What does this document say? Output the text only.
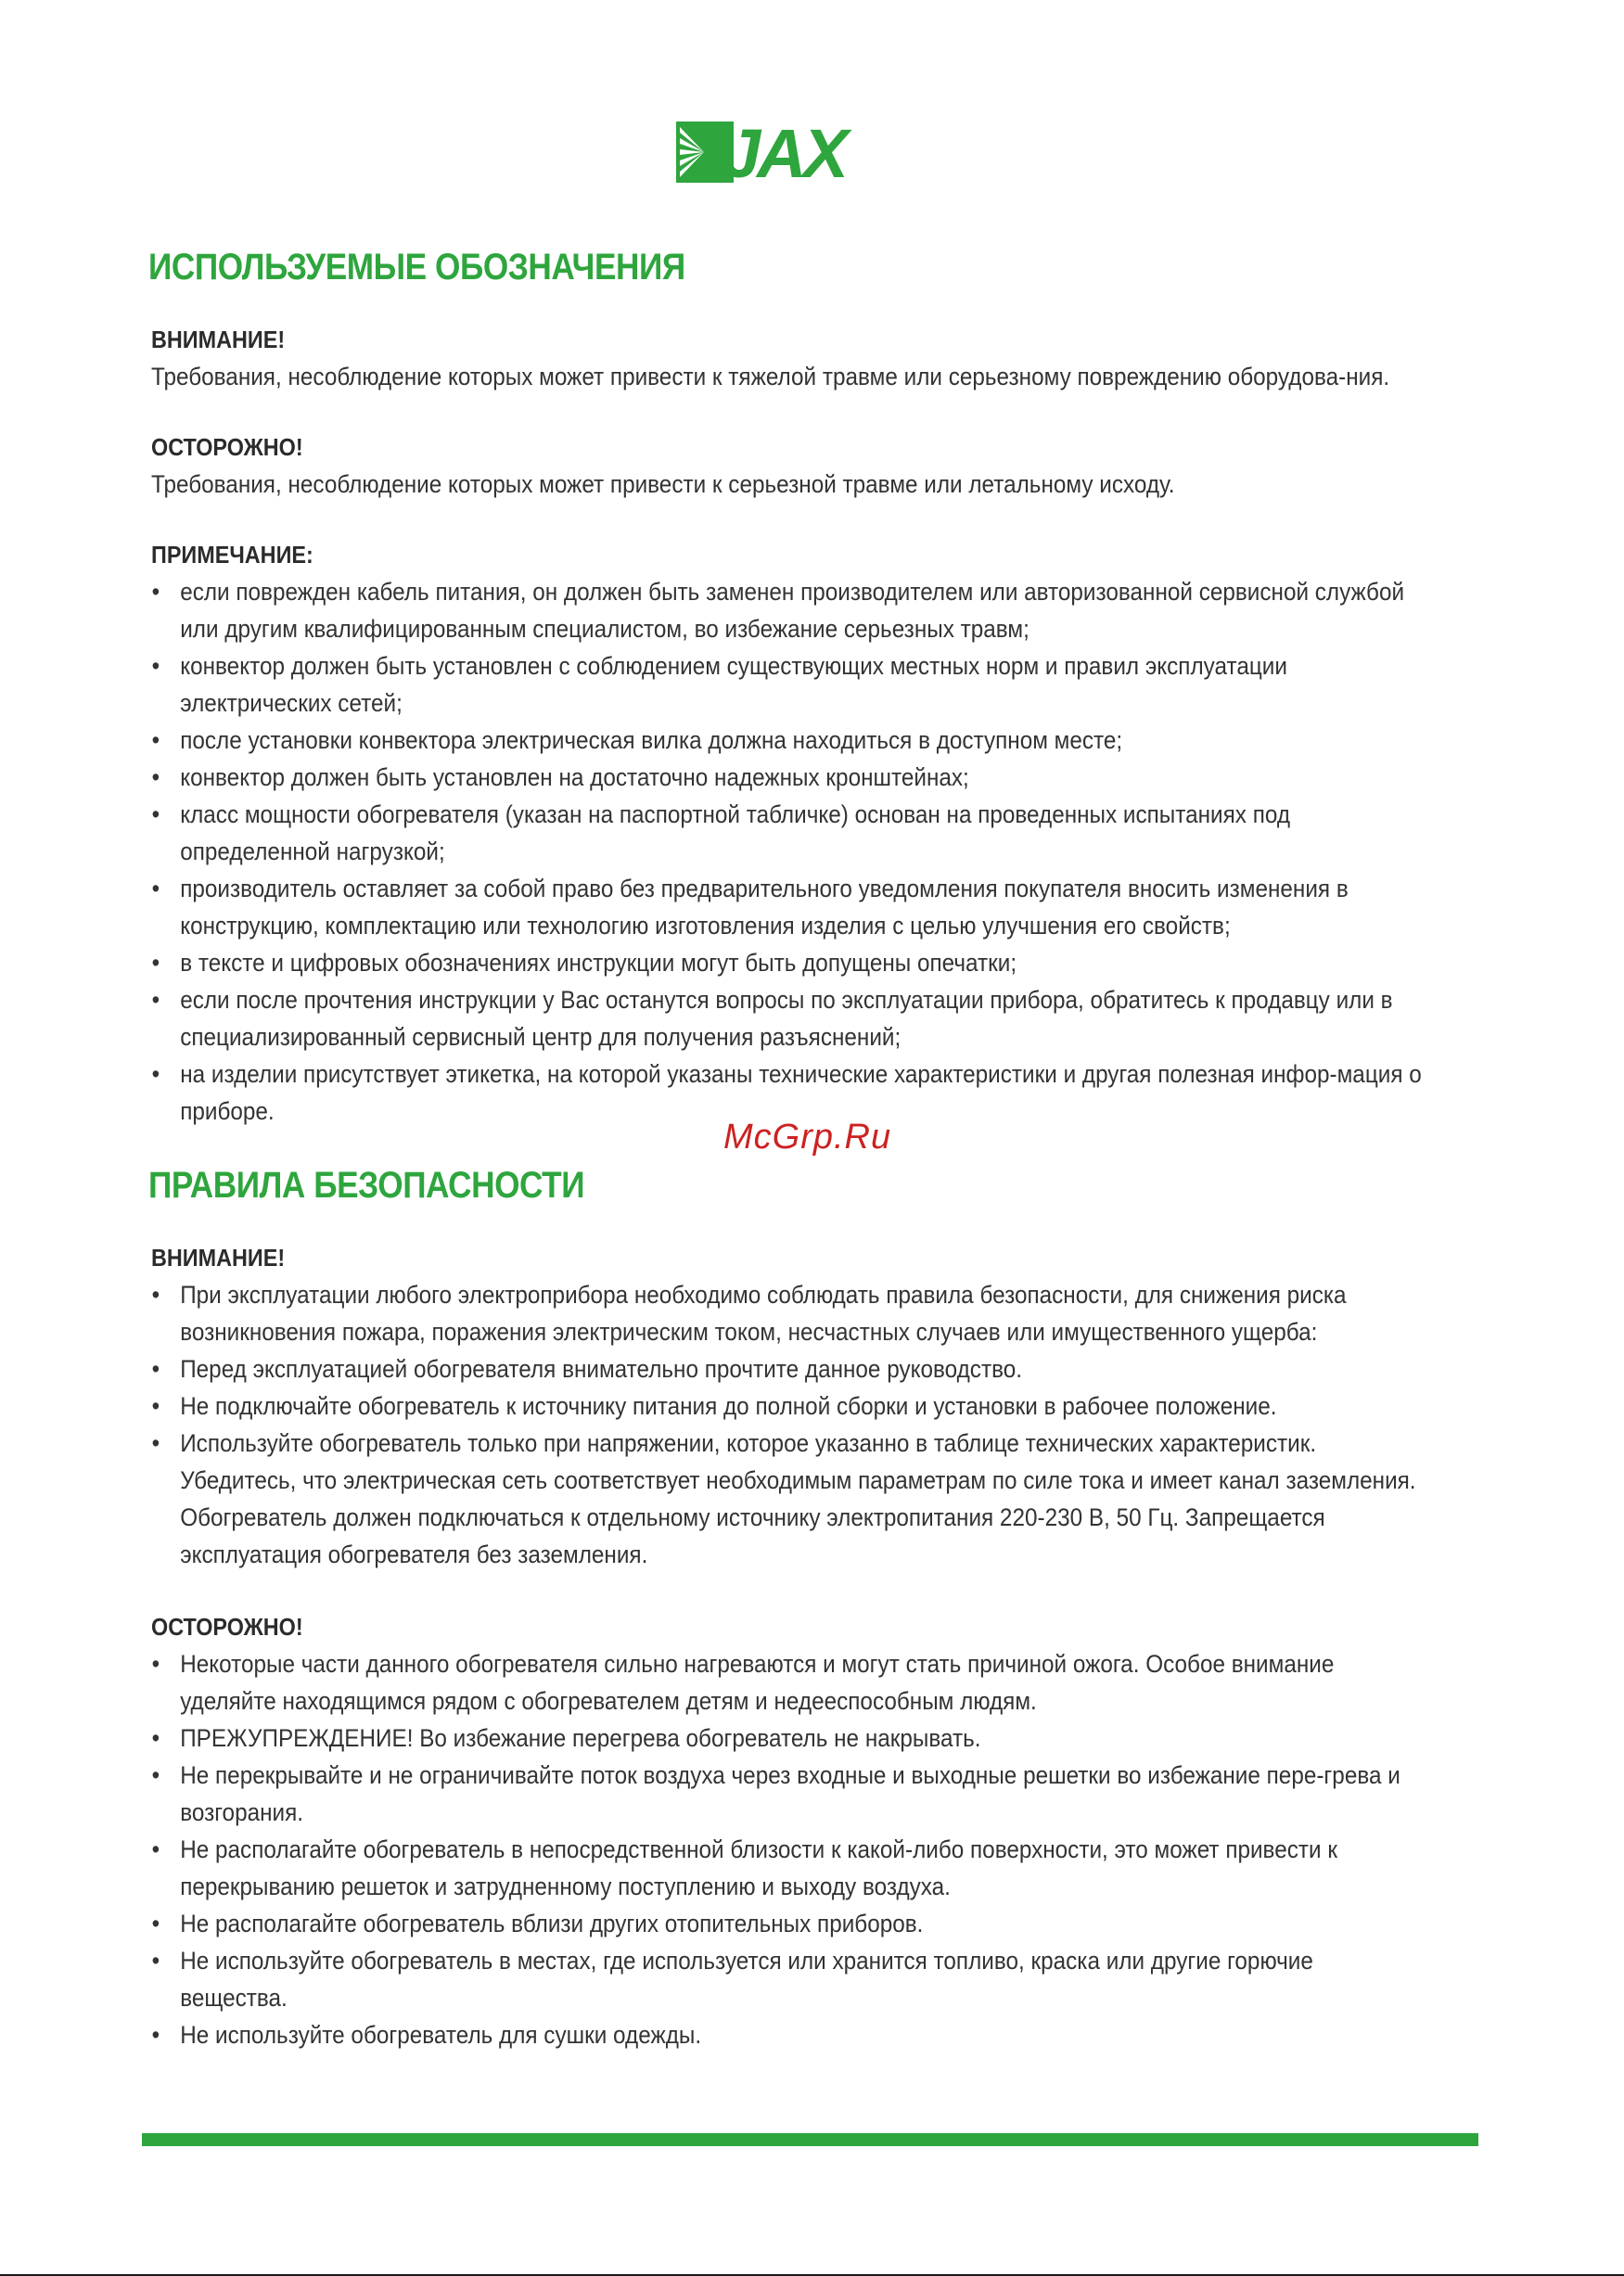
JAX
ИСПОЛЬЗУЕМЫЕ ОБОЗНАЧЕНИЯ
ВНИМАНИЕ!
Требования, несоблюдение которых может привести к тяжелой травме или серьезному повреждению оборудова-ния.
ОСТОРОЖНО!
Требования, несоблюдение которых может привести к серьезной травме или летальному исходу.
ПРИМЕЧАНИЕ:
• если поврежден кабель питания, он должен быть заменен производителем или авторизованной сервисной службой или другим квалифицированным специалистом, во избежание серьезных травм;
• конвектор должен быть установлен с соблюдением существующих местных норм и правил эксплуатации электрических сетей;
• после установки конвектора электрическая вилка должна находиться в доступном месте;
• конвектор должен быть установлен на достаточно надежных кронштейнах;
• класс мощности обогревателя (указан на паспортной табличке) основан на проведенных испытаниях под определенной нагрузкой;
• производитель оставляет за собой право без предварительного уведомления покупателя вносить изменения в конструкцию, комплектацию или технологию изготовления изделия с целью улучшения его свойств;
• в тексте и цифровых обозначениях инструкции могут быть допущены опечатки;
• если после прочтения инструкции у Вас останутся вопросы по эксплуатации прибора, обратитесь к продавцу или в специализированный сервисный центр для получения разъяснений;
• на изделии присутствует этикетка, на которой указаны технические характеристики и другая полезная инфор-мация о приборе.
ПРАВИЛА БЕЗОПАСНОСТИ
ВНИМАНИЕ!
• При эксплуатации любого электроприбора необходимо соблюдать правила безопасности, для снижения риска возникновения пожара, поражения электрическим током, несчастных случаев или имущественного ущерба:
• Перед эксплуатацией обогревателя внимательно прочтите данное руководство.
• Не подключайте обогреватель к источнику питания до полной сборки и установки в рабочее положение.
• Используйте обогреватель только при напряжении, которое указанно в таблице технических характеристик. Убедитесь, что электрическая сеть соответствует необходимым параметрам по силе тока и имеет канал заземления. Обогреватель должен подключаться к отдельному источнику электропитания 220-230 В, 50 Гц. Запрещается эксплуатация обогревателя без заземления.
ОСТОРОЖНО!
• Некоторые части данного обогревателя сильно нагреваются и могут стать причиной ожога. Особое внимание уделяйте находящимся рядом с обогревателем детям и недееспособным людям.
• ПРЕЖУПРЕЖДЕНИЕ! Во избежание перегрева обогреватель не накрывать.
• Не перекрывайте и не ограничивайте поток воздуха через входные и выходные решетки во избежание пере-грева и возгорания.
• Не располагайте обогреватель в непосредственной близости к какой-либо поверхности, это может привести к перекрыванию решеток и затрудненному поступлению и выходу воздуха.
• Не располагайте обогреватель вблизи других отопительных приборов.
• Не используйте обогреватель в местах, где используется или хранится топливо, краска или другие горючие вещества.
• Не используйте обогреватель для сушки одежды.
McGrp.Ru
